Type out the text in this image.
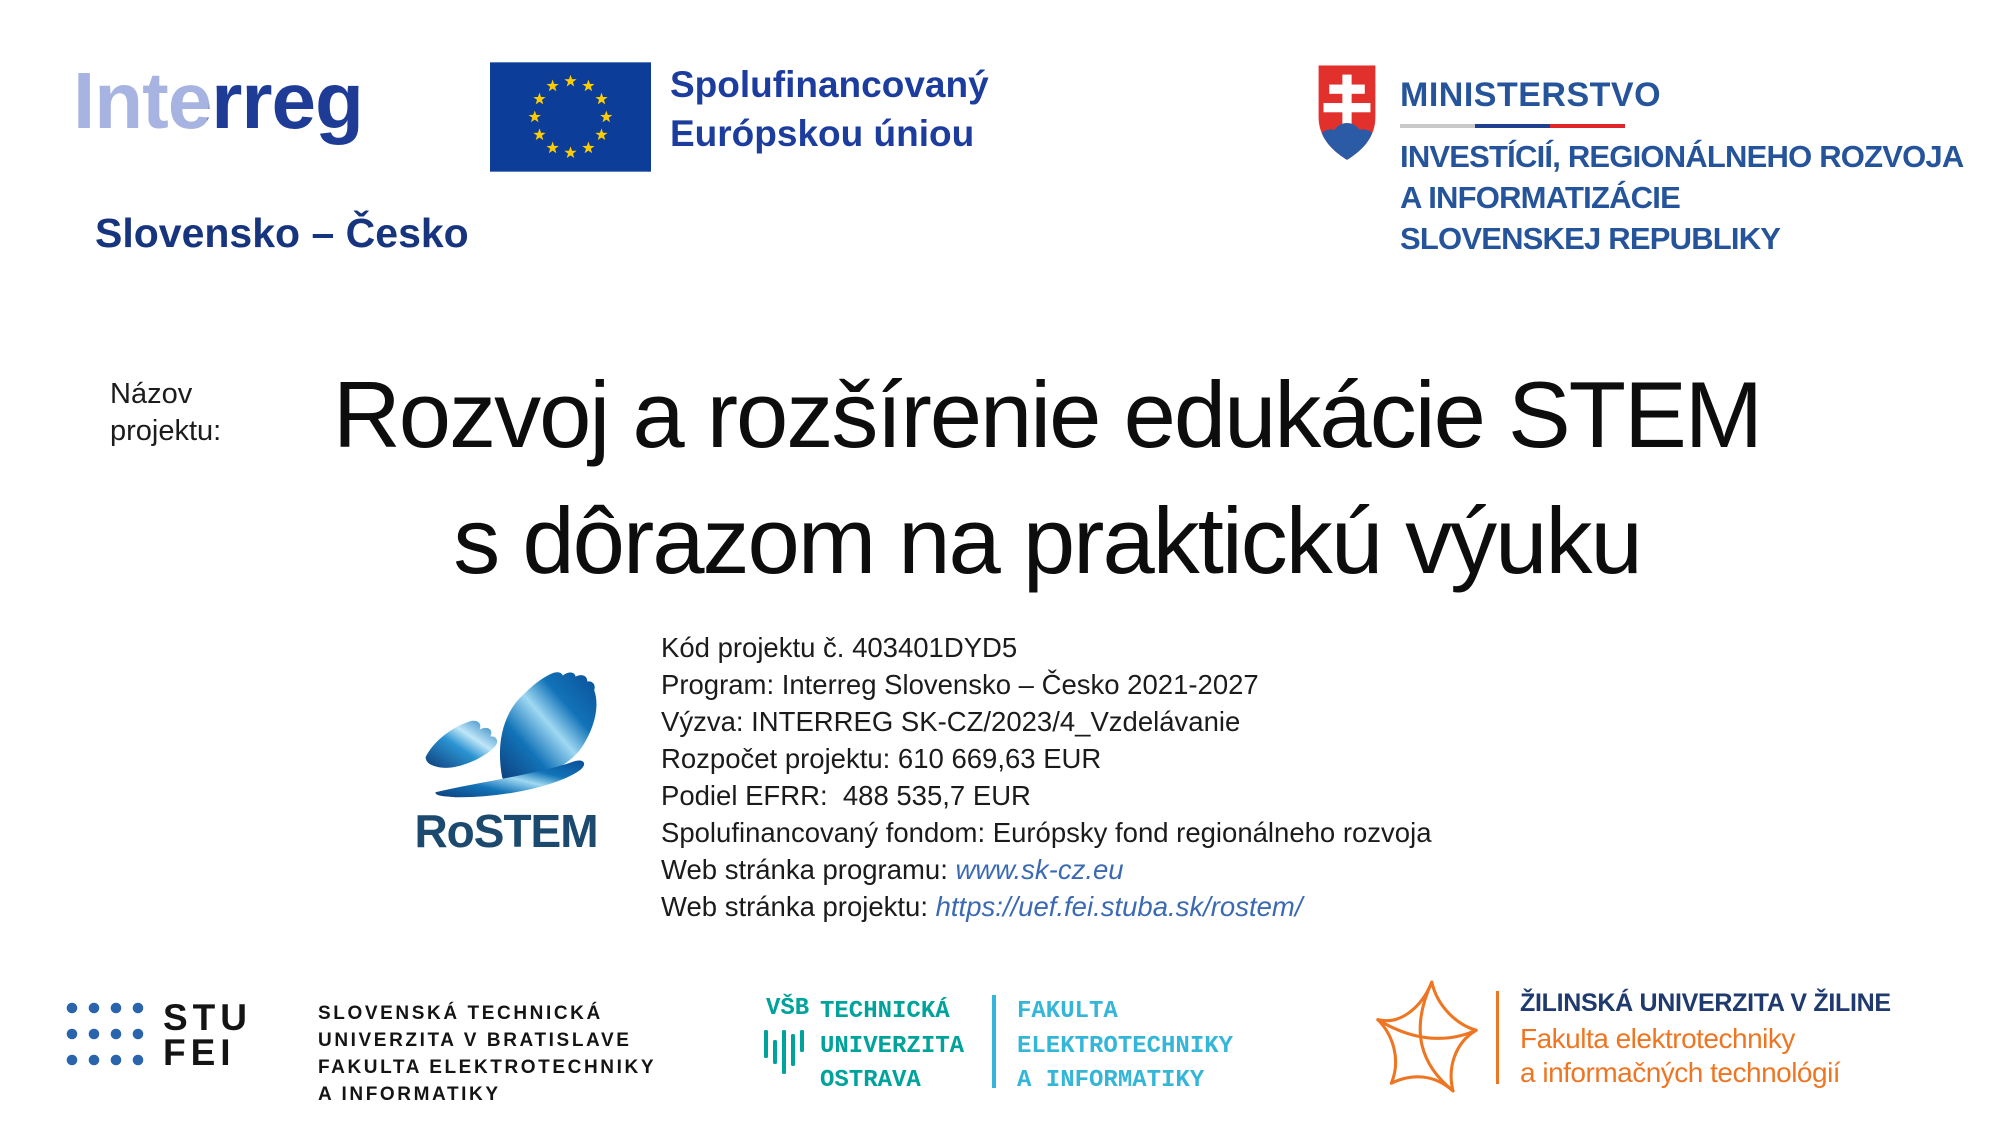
Interreg
Slovensko – Česko
Spolufinancovaný
Európskou úniou
MINISTERSTVO
INVESTÍCIÍ, REGIONÁLNEHO ROZVOJA
A INFORMATIZÁCIE
SLOVENSKEJ REPUBLIKY
Názov
projektu:	Rozvoj a rozšírenie edukácie STEM
s dôrazom na praktickú výuku
RoSTEM
Kód projektu č. 403401DYD5
Program: Interreg Slovensko – Česko 2021-2027
Výzva: INTERREG SK-CZ/2023/4_Vzdelávanie
Rozpočet projektu: 610 669,63 EUR
Podiel EFRR:  488 535,7 EUR
Spolufinancovaný fondom: Európsky fond regionálneho rozvoja
Web stránka programu: www.sk-cz.eu
Web stránka projektu: https://uef.fei.stuba.sk/rostem/
STU
FEI
SLOVENSKÁ TECHNICKÁ
UNIVERZITA V BRATISLAVE
FAKULTA ELEKTROTECHNIKY
A INFORMATIKY
VŠB TECHNICKÁ
UNIVERZITA
OSTRAVA
FAKULTA
ELEKTROTECHNIKY
A INFORMATIKY
ŽILINSKÁ UNIVERZITA V ŽILINE
Fakulta elektrotechniky
a informačných technológií
